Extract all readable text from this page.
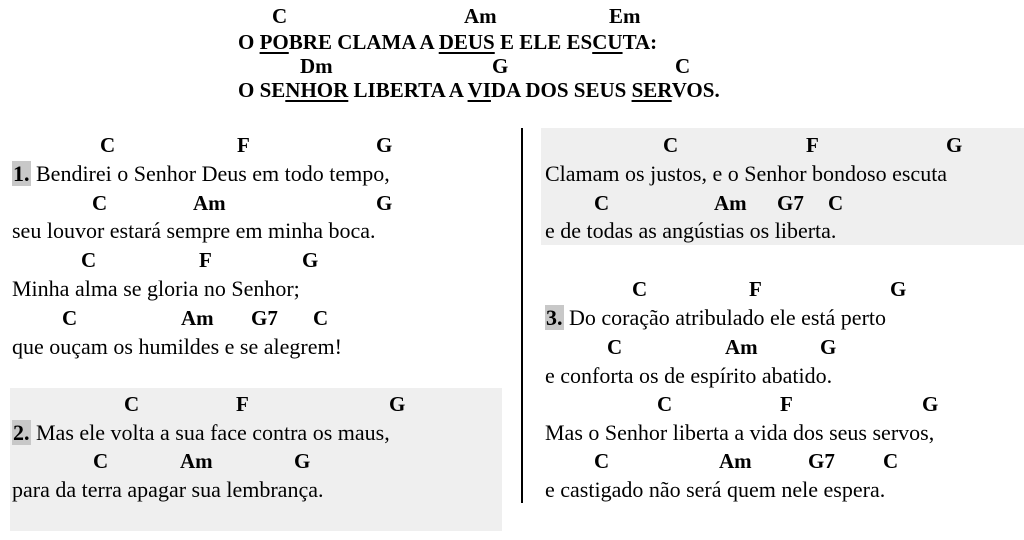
C	Am	Em
O POBRE CLAMA A DEUS E ELE ESCUTA:
Dm	G	C
O SENHOR LIBERTA A VIDA DOS SEUS SERVOS.
C	F	G
1. Bendirei o Senhor Deus em todo tempo,
C	Am	G
seu louvor estará sempre em minha boca.
C	F	G
Minha alma se gloria no Senhor;
C	Am G7 C
que ouçam os humildes e se alegrem!
C	F	G
2. Mas ele volta a sua face contra os maus,
C	Am	G
para da terra apagar sua lembrança.
C	F	G
Clamam os justos, e o Senhor bondoso escuta
C	Am G7 C
e de todas as angústias os liberta.
C	F	G
3. Do coração atribulado ele está perto
C	Am	G
e conforta os de espírito abatido.
C	F	G
Mas o Senhor liberta a vida dos seus servos,
C	Am	G7 C
e castigado não será quem nele espera.
